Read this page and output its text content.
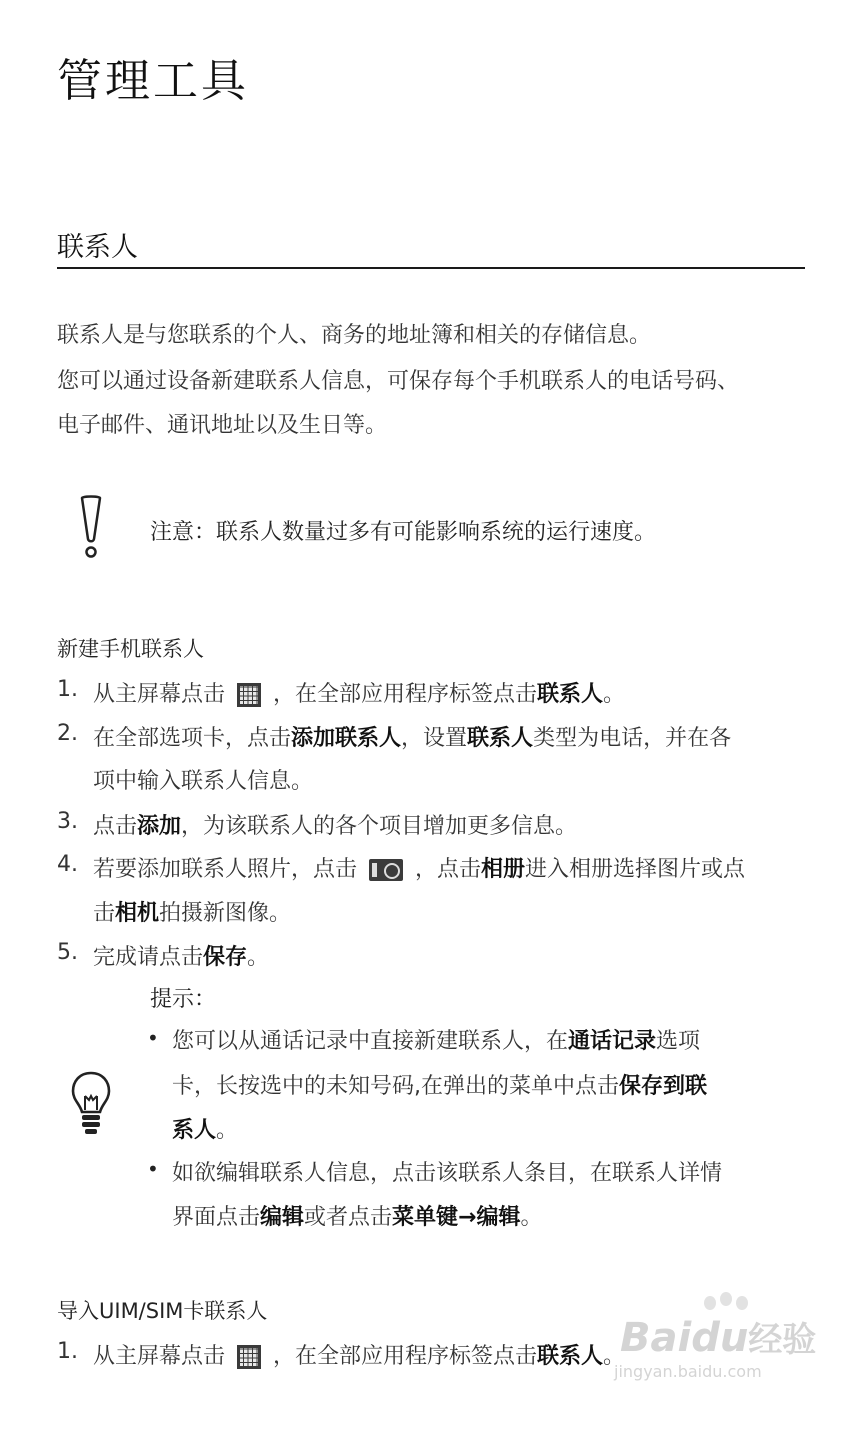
管理工具
联系人
联系人是与您联系的个人、商务的地址簿和相关的存储信息。
您可以通过设备新建联系人信息，可保存每个手机联系人的电话号码、
电子邮件、通讯地址以及生日等。
注意：联系人数量过多有可能影响系统的运行速度。
新建手机联系人
1. 从主屏幕点击 ，在全部应用程序标签点击联系人。
2. 在全部选项卡，点击添加联系人，设置联系人类型为电话，并在各
项中输入联系人信息。
3. 点击添加，为该联系人的各个项目增加更多信息。
4. 若要添加联系人照片，点击	，点击相册进入相册选择图片或点
击相机拍摄新图像。
5. 完成请点击保存。
提示：
• 您可以从通话记录中直接新建联系人，在通话记录选项
卡，长按选中的未知号码,在弹出的菜单中点击保存到联
系人。
• 如欲编辑联系人信息，点击该联系人条目，在联系人详情
界面点击编辑或者点击菜单键→编辑。
导入UIM/SIM卡联系人
1. 从主屏幕点击 ，在全部应用程序标签点击联系人。
Baidu经验
jingyan.baidu.com
